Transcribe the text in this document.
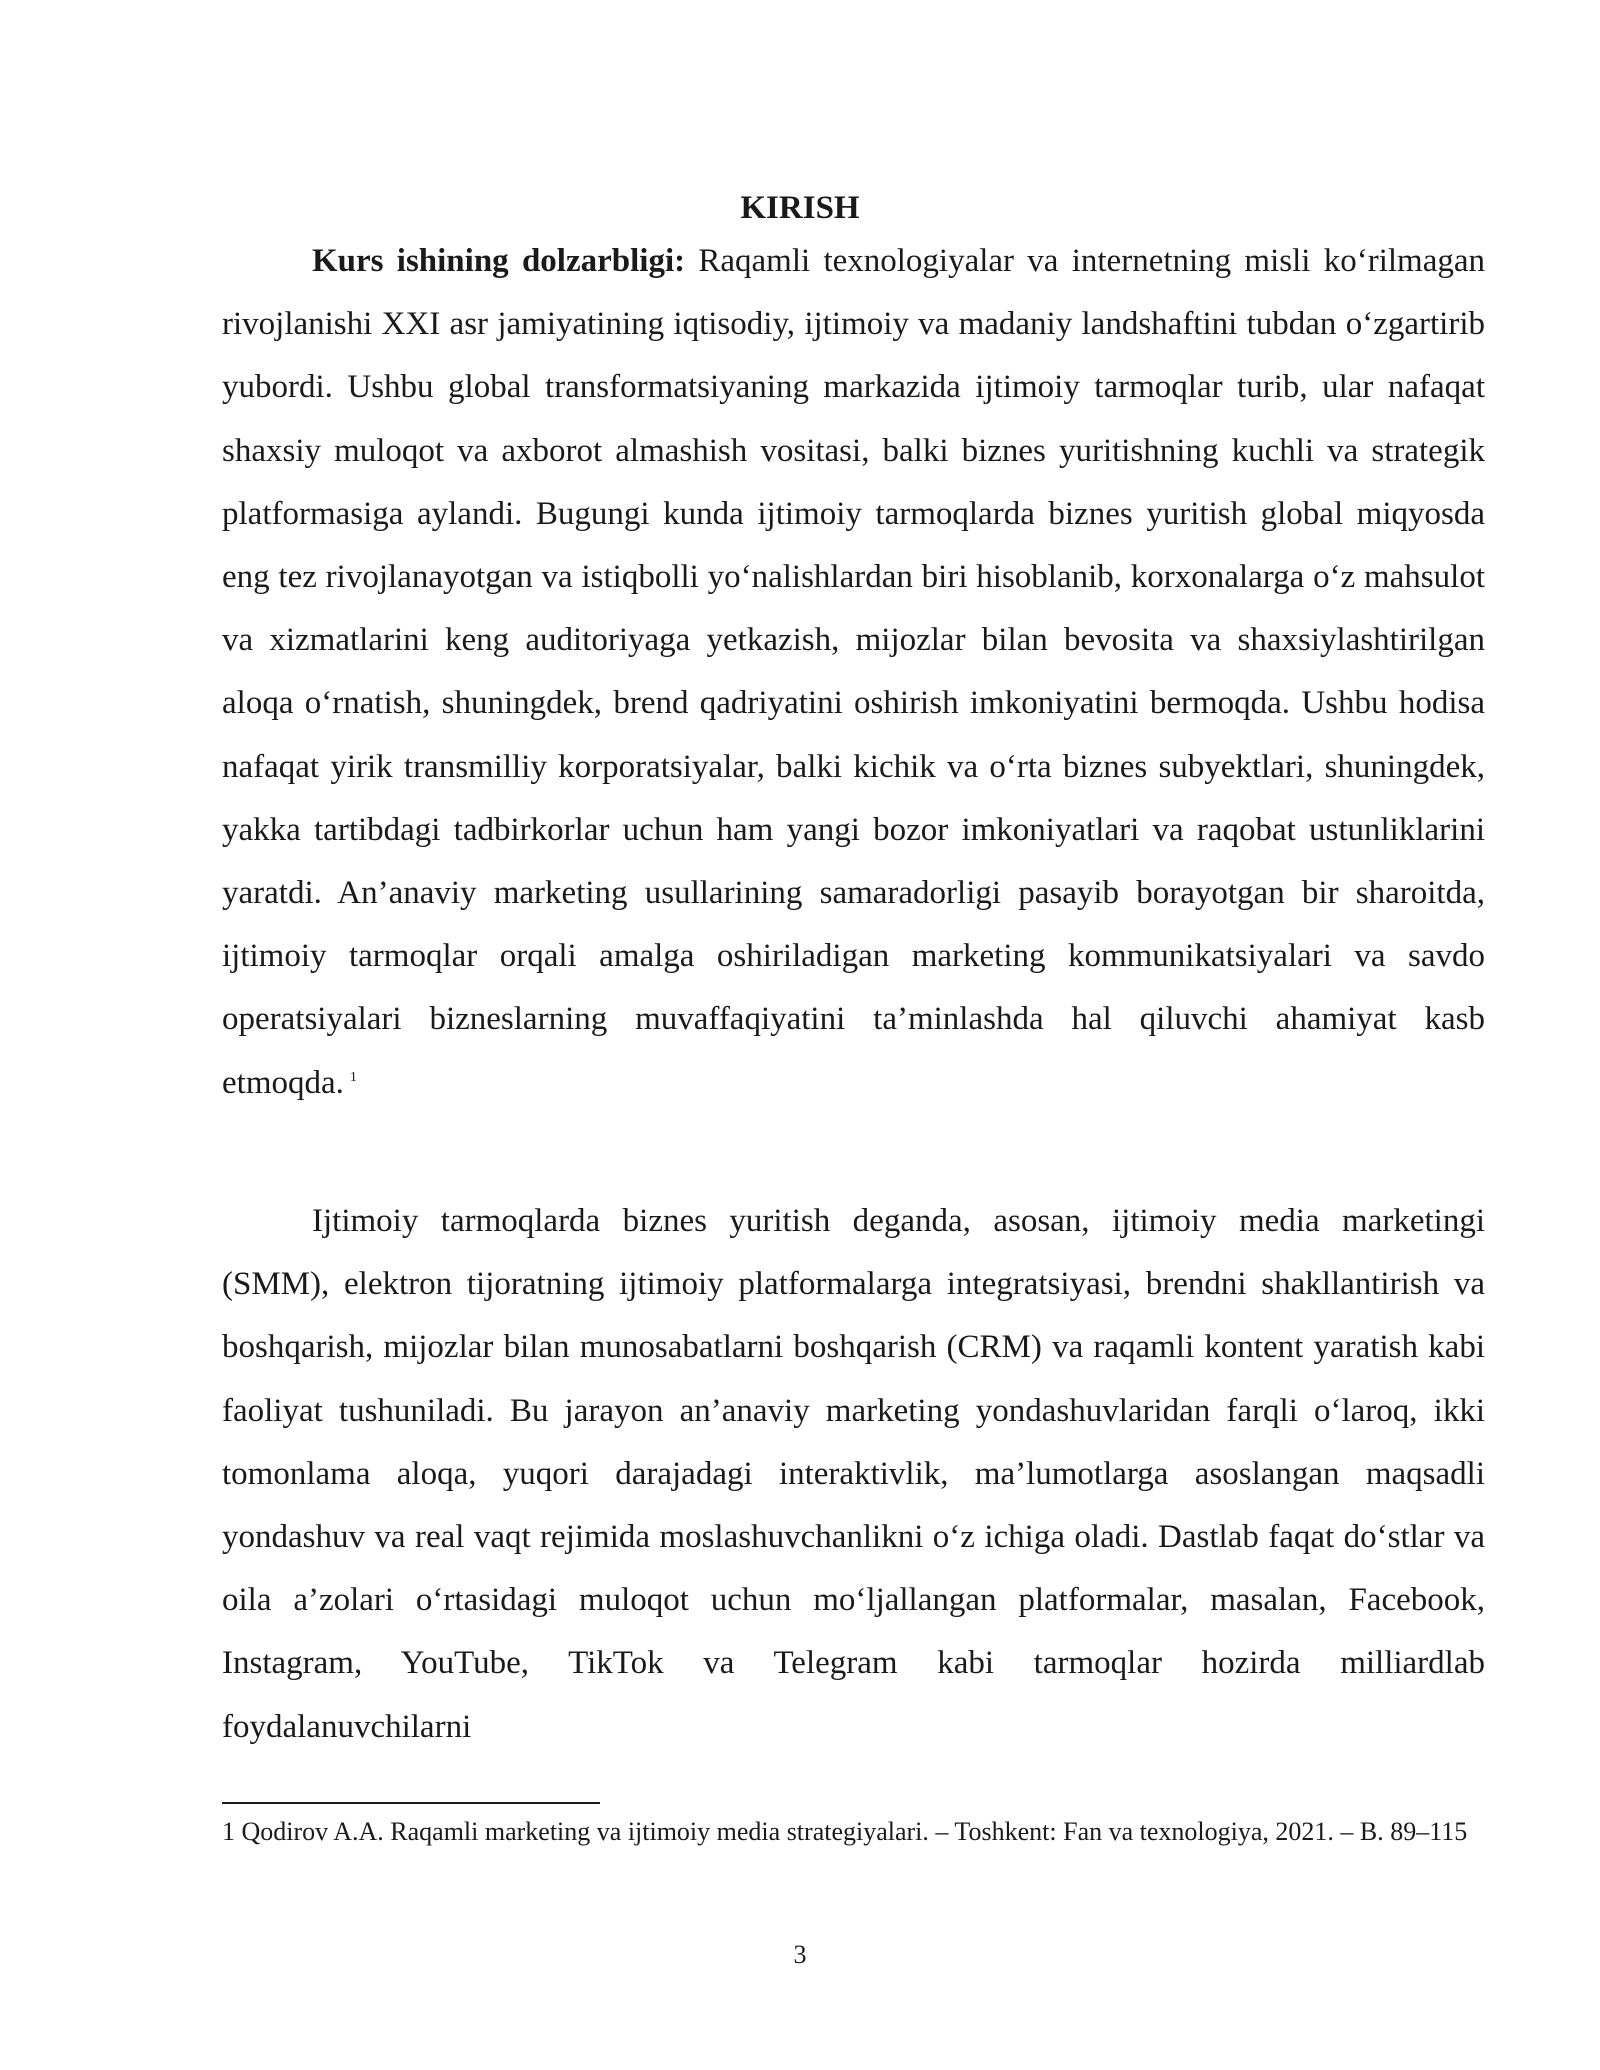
KIRISH

Kurs ishining dolzarbligi: Raqamli texnologiyalar va internetning misli ko‘rilmagan rivojlanishi XXI asr jamiyatining iqtisodiy, ijtimoiy va madaniy landshaftini tubdan o‘zgartirib yubordi. Ushbu global transformatsiyaning markazida ijtimoiy tarmoqlar turib, ular nafaqat shaxsiy muloqot va axborot almashish vositasi, balki biznes yuritishning kuchli va strategik platformasiga aylandi. Bugungi kunda ijtimoiy tarmoqlarda biznes yuritish global miqyosda eng tez rivojlanayotgan va istiqbolli yo‘nalishlardan biri hisoblanib, korxonalarga o‘z mahsulot va xizmatlarini keng auditoriyaga yetkazish, mijozlar bilan bevosita va shaxsiylashtirilgan aloqa o‘rnatish, shuningdek, brend qadriyatini oshirish imkoniyatini bermoqda. Ushbu hodisa nafaqat yirik transmilliy korporatsiyalar, balki kichik va o‘rta biznes subyektlari, shuningdek, yakka tartibdagi tadbirkorlar uchun ham yangi bozor imkoniyatlari va raqobat ustunliklarini yaratdi. An’anaviy marketing usullarining samaradorligi pasayib borayotgan bir sharoitda, ijtimoiy tarmoqlar orqali amalga oshiriladigan marketing kommunikatsiyalari va savdo operatsiyalari bizneslarning muvaffaqiyatini ta’minlashda hal qiluvchi ahamiyat kasb etmoqda. $^1$

Ijtimoiy tarmoqlarda biznes yuritish deganda, asosan, ijtimoiy media marketingi (SMM), elektron tijoratning ijtimoiy platformalarga integratsiyasi, brendni shakllantirish va boshqarish, mijozlar bilan munosabatlarni boshqarish (CRM) va raqamli kontent yaratish kabi faoliyat tushuniladi. Bu jarayon an’anaviy marketing yondashuvlaridan farqli o‘laroq, ikki tomonlama aloqa, yuqori darajadagi interaktivlik, ma’lumotlarga asoslangan maqsadli yondashuv va real vaqt rejimida moslashuvchanlikni o‘z ichiga oladi. Dastlab faqat do‘stlar va oila a’zolari o‘rtasidagi muloqot uchun mo‘ljallangan platformalar, masalan, Facebook, Instagram, YouTube, TikTok va Telegram kabi tarmoqlar hozirda milliardlab foydalanuvchilarni

1 Qodirov A.A. Raqamli marketing va ijtimoiy media strategiyalari. – Toshkent: Fan va texnologiya, 2021. – B. 89–115

3
